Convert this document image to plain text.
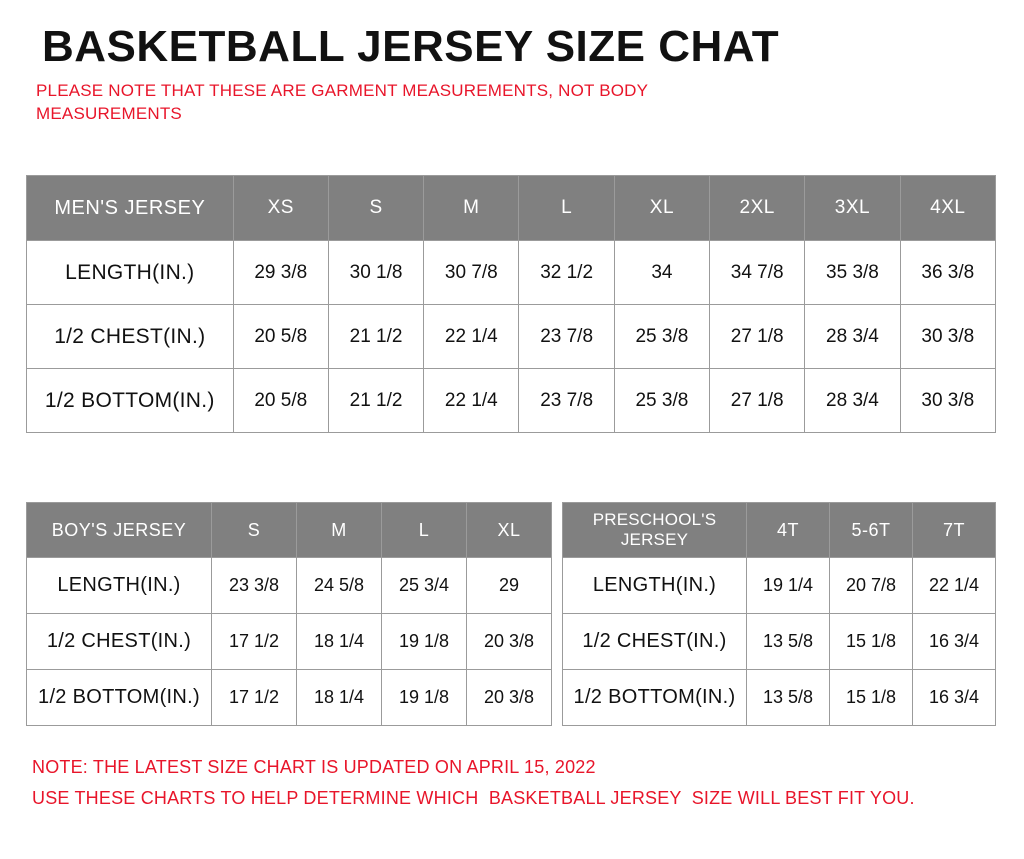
BASKETBALL JERSEY SIZE CHAT

PLEASE NOTE THAT THESE ARE GARMENT MEASUREMENTS, NOT BODY MEASUREMENTS

MEN'S JERSEY	XS	S	M	L	XL	2XL	3XL	4XL
LENGTH(IN.)	29 3/8	30 1/8	30 7/8	32 1/2	34	34 7/8	35 3/8	36 3/8
1/2 CHEST(IN.)	20 5/8	21 1/2	22 1/4	23 7/8	25 3/8	27 1/8	28 3/4	30 3/8
1/2 BOTTOM(IN.)	20 5/8	21 1/2	22 1/4	23 7/8	25 3/8	27 1/8	28 3/4	30 3/8
BOY'S JERSEY	S	M	L	XL
LENGTH(IN.)	23 3/8	24 5/8	25 3/4	29
1/2 CHEST(IN.)	17 1/2	18 1/4	19 1/8	20 3/8
1/2 BOTTOM(IN.)	17 1/2	18 1/4	19 1/8	20 3/8
PRESCHOOL'S JERSEY	4T	5-6T	7T
LENGTH(IN.)	19 1/4	20 7/8	22 1/4
1/2 CHEST(IN.)	13 5/8	15 1/8	16 3/4
1/2 BOTTOM(IN.)	13 5/8	15 1/8	16 3/4
NOTE: THE LATEST SIZE CHART IS UPDATED ON APRIL 15, 2022
USE THESE CHARTS TO HELP DETERMINE WHICH  BASKETBALL JERSEY  SIZE WILL BEST FIT YOU.
